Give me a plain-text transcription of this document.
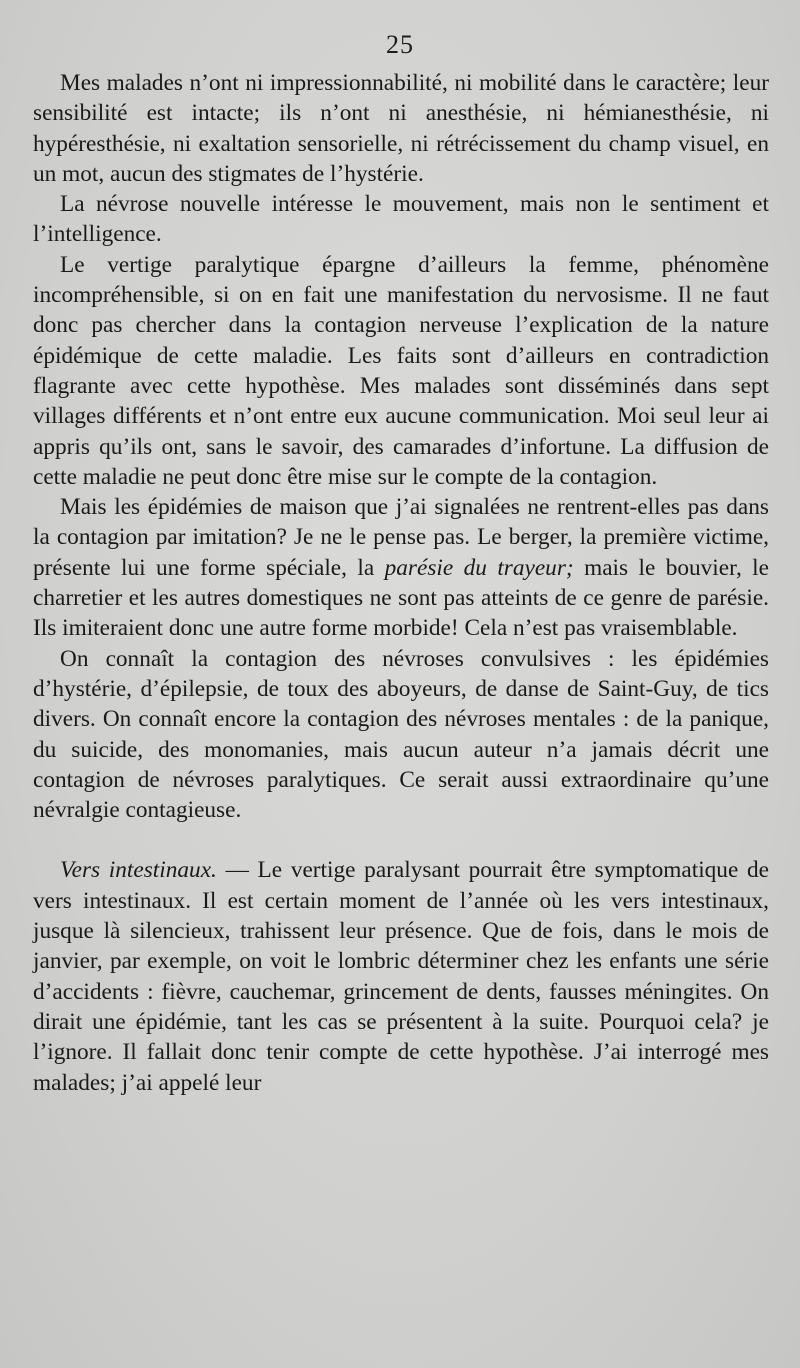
25

Mes malades n’ont ni impressionnabilité, ni mobilité dans le caractère; leur sensibilité est intacte; ils n’ont ni anesthésie, ni hémianesthésie, ni hypéresthésie, ni exaltation sensorielle, ni rétrécissement du champ visuel, en un mot, aucun des stigmates de l’hystérie.

La névrose nouvelle intéresse le mouvement, mais non le sentiment et l’intelligence.

Le vertige paralytique épargne d’ailleurs la femme, phénomène incompréhensible, si on en fait une manifestation du nervosisme. Il ne faut donc pas chercher dans la contagion nerveuse l’explication de la nature épidémique de cette maladie. Les faits sont d’ailleurs en contradiction flagrante avec cette hypothèse. Mes malades sont disséminés dans sept villages différents et n’ont entre eux aucune communication. Moi seul leur ai appris qu’ils ont, sans le savoir, des camarades d’infortune. La diffusion de cette maladie ne peut donc être mise sur le compte de la contagion.

Mais les épidémies de maison que j’ai signalées ne rentrent-elles pas dans la contagion par imitation? Je ne le pense pas. Le berger, la première victime, présente lui une forme spéciale, la parésie du trayeur; mais le bouvier, le charretier et les autres domestiques ne sont pas atteints de ce genre de parésie. Ils imiteraient donc une autre forme morbide! Cela n’est pas vraisemblable.

On connaît la contagion des névroses convulsives : les épidémies d’hystérie, d’épilepsie, de toux des aboyeurs, de danse de Saint-Guy, de tics divers. On connaît encore la contagion des névroses mentales : de la panique, du suicide, des monomanies, mais aucun auteur n’a jamais décrit une contagion de névroses paralytiques. Ce serait aussi extraordinaire qu’une névralgie contagieuse.

Vers intestinaux. — Le vertige paralysant pourrait être symptomatique de vers intestinaux. Il est certain moment de l’année où les vers intestinaux, jusque là silencieux, trahissent leur présence. Que de fois, dans le mois de janvier, par exemple, on voit le lombric déterminer chez les enfants une série d’accidents : fièvre, cauchemar, grincement de dents, fausses méningites. On dirait une épidémie, tant les cas se présentent à la suite. Pourquoi cela? je l’ignore. Il fallait donc tenir compte de cette hypothèse. J’ai interrogé mes malades; j’ai appelé leur
